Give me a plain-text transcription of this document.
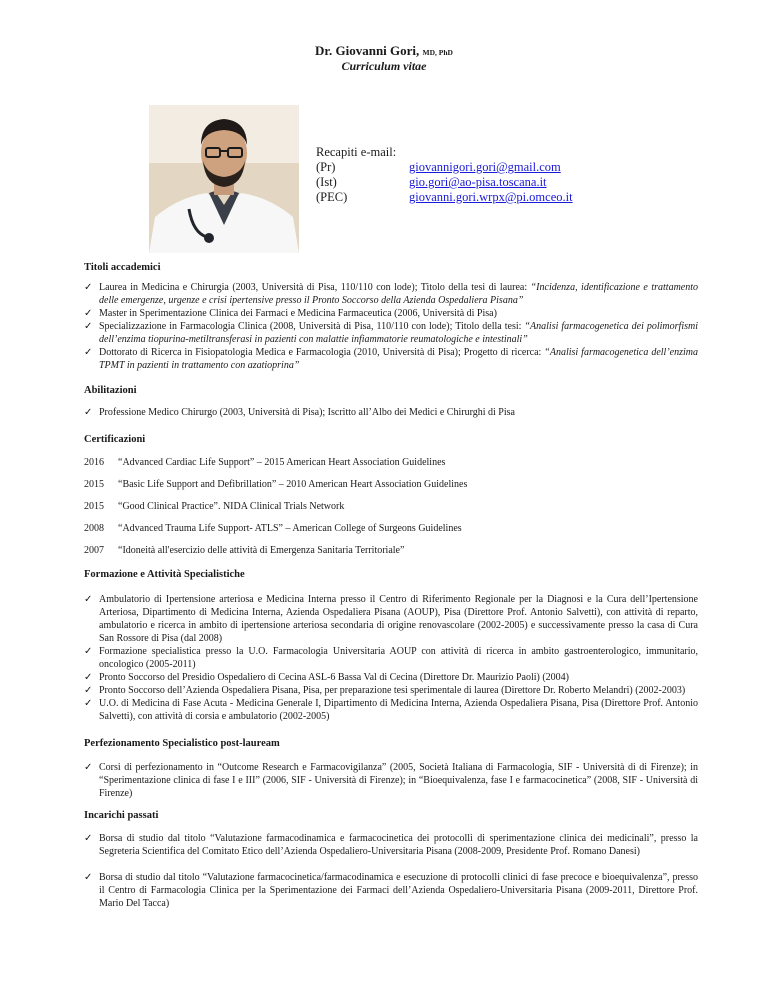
Dr. Giovanni Gori, MD, PhD
Curriculum vitae
Recapiti e-mail:
(Pr)	giovannigori.gori@gmail.com
(Ist)	gio.gori@ao-pisa.toscana.it
(PEC)	giovanni.gori.wrpx@pi.omceo.it
Titoli accademici
✓ Laurea in Medicina e Chirurgia (2003, Università di Pisa, 110/110 con lode); Titolo della tesi di laurea: “Incidenza, identificazione e trattamento delle emergenze, urgenze e crisi ipertensive presso il Pronto Soccorso della Azienda Ospedaliera Pisana”
✓ Master in Sperimentazione Clinica dei Farmaci e Medicina Farmaceutica (2006, Università di Pisa)
✓ Specializzazione in Farmacologia Clinica (2008, Università di Pisa, 110/110 con lode); Titolo della tesi: “Analisi farmacogenetica dei polimorfismi dell’enzima tiopurina-metiltransferasi in pazienti con malattie infiammatorie reumatologiche e intestinali”
✓ Dottorato di Ricerca in Fisiopatologia Medica e Farmacologia (2010, Università di Pisa); Progetto di ricerca: “Analisi farmacogenetica dell’enzima TPMT in pazienti in trattamento con azatioprina”
Abilitazioni
✓ Professione Medico Chirurgo (2003, Università di Pisa); Iscritto all’Albo dei Medici e Chirurghi di Pisa
Certificazioni
2016	“Advanced Cardiac Life Support” – 2015 American Heart Association Guidelines
2015	“Basic Life Support and Defibrillation” – 2010 American Heart Association Guidelines
2015	“Good Clinical Practice”. NIDA Clinical Trials Network
2008	“Advanced Trauma Life Support- ATLS” – American College of Surgeons Guidelines
2007	“Idoneità all'esercizio delle attività di Emergenza Sanitaria Territoriale”
Formazione e Attività Specialistiche
✓ Ambulatorio di Ipertensione arteriosa e Medicina Interna presso il Centro di Riferimento Regionale per la Diagnosi e la Cura dell’Ipertensione Arteriosa, Dipartimento di Medicina Interna, Azienda Ospedaliera Pisana (AOUP), Pisa (Direttore Prof. Antonio Salvetti), con attività di reparto, ambulatorio e ricerca in ambito di ipertensione arteriosa secondaria di origine renovascolare (2002-2005) e successivamente presso la casa di Cura San Rossore di Pisa (dal 2008)
✓ Formazione specialistica presso la U.O. Farmacologia Universitaria AOUP con attività di ricerca in ambito gastroenterologico, immunitario, oncologico (2005-2011)
✓ Pronto Soccorso del Presidio Ospedaliero di Cecina ASL-6 Bassa Val di Cecina (Direttore Dr. Maurizio Paoli) (2004)
✓ Pronto Soccorso dell’Azienda Ospedaliera Pisana, Pisa, per preparazione tesi sperimentale di laurea (Direttore Dr. Roberto Melandri) (2002-2003)
✓ U.O. di Medicina di Fase Acuta - Medicina Generale I, Dipartimento di Medicina Interna, Azienda Ospedaliera Pisana, Pisa (Direttore Prof. Antonio Salvetti), con attività di corsia e ambulatorio (2002-2005)
Perfezionamento Specialistico post-lauream
✓ Corsi di perfezionamento in “Outcome Research e Farmacovigilanza” (2005, Società Italiana di Farmacologia, SIF - Università di di Firenze); in “Sperimentazione clinica di fase I e III” (2006, SIF - Università di Firenze); in “Bioequivalenza, fase I e farmacocinetica” (2008, SIF - Università di Firenze)
Incarichi passati
✓ Borsa di studio dal titolo “Valutazione farmacodinamica e farmacocinetica dei protocolli di sperimentazione clinica dei medicinali”, presso la Segreteria Scientifica del Comitato Etico dell’Azienda Ospedaliero-Universitaria Pisana (2008-2009, Presidente Prof. Romano Danesi)
✓ Borsa di studio dal titolo “Valutazione farmacocinetica/farmacodinamica e esecuzione di protocolli clinici di fase precoce e bioequivalenza”, presso il Centro di Farmacologia Clinica per la Sperimentazione dei Farmaci dell’Azienda Ospedaliero-Universitaria Pisana (2009-2011, Direttore Prof. Mario Del Tacca)
